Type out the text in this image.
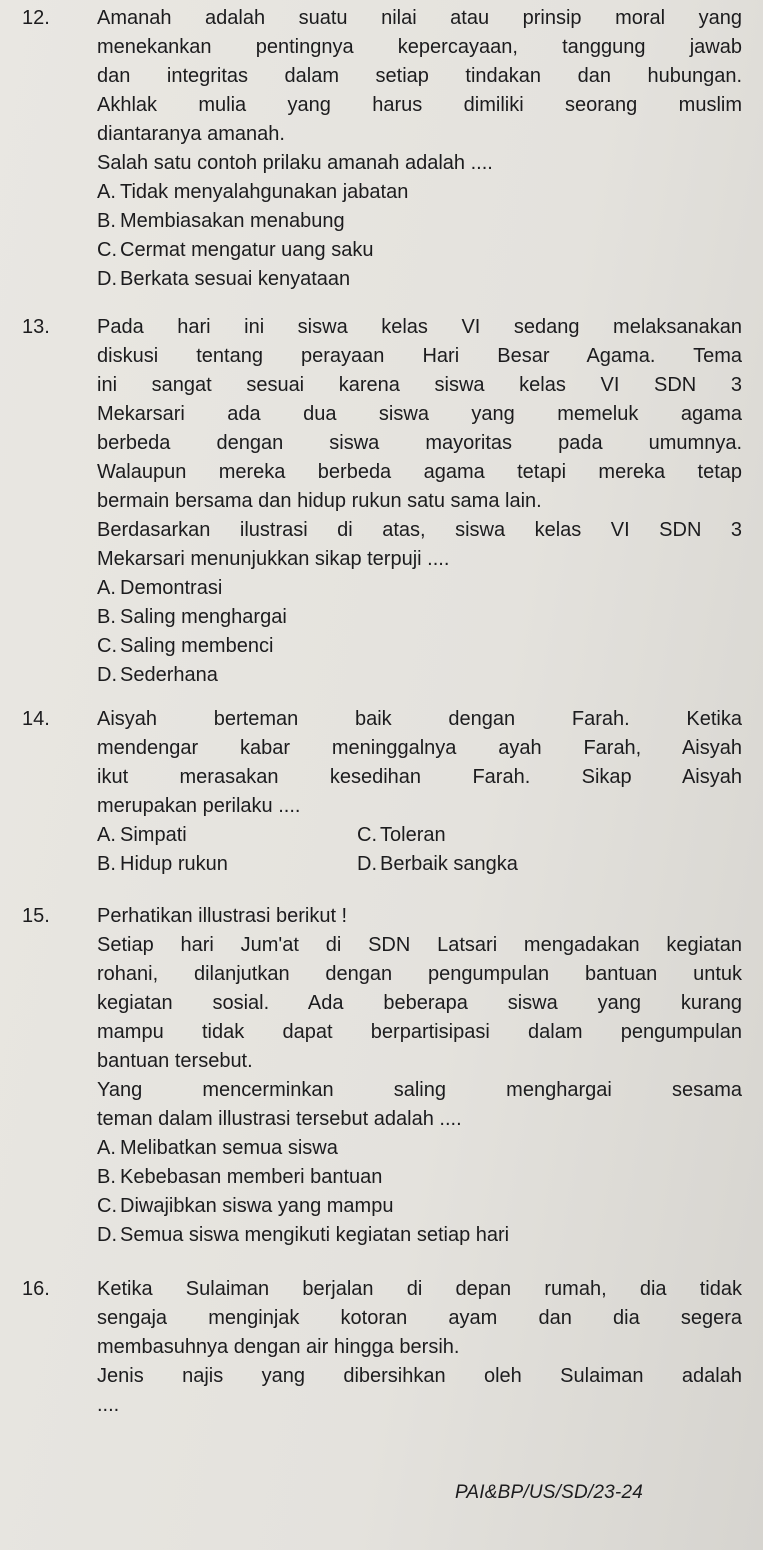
12.	Amanah adalah suatu nilai atau prinsip moral yang
menekankan pentingnya kepercayaan, tanggung jawab
dan integritas dalam setiap tindakan dan hubungan.
Akhlak mulia yang harus dimiliki seorang muslim
diantaranya amanah.
Salah satu contoh prilaku amanah adalah ....
A. Tidak menyalahgunakan jabatan
B. Membiasakan menabung
C. Cermat mengatur uang saku
D. Berkata sesuai kenyataan
13.	Pada hari ini siswa kelas VI sedang melaksanakan
diskusi tentang perayaan Hari Besar Agama. Tema
ini sangat sesuai karena siswa kelas VI SDN 3
Mekarsari ada dua siswa yang memeluk agama
berbeda dengan siswa mayoritas pada umumnya.
Walaupun mereka berbeda agama tetapi mereka tetap
bermain bersama dan hidup rukun satu sama lain.
Berdasarkan ilustrasi di atas, siswa kelas VI SDN 3
Mekarsari menunjukkan sikap terpuji ....
A. Demontrasi
B. Saling menghargai
C. Saling membenci
D. Sederhana
14.	Aisyah berteman baik dengan Farah. Ketika
mendengar kabar meninggalnya ayah Farah, Aisyah
ikut merasakan kesedihan Farah. Sikap Aisyah
merupakan perilaku ....
A. Simpati	C. Toleran
B. Hidup rukun	D. Berbaik sangka
15.	Perhatikan illustrasi berikut !
Setiap hari Jum'at di SDN Latsari mengadakan kegiatan
rohani, dilanjutkan dengan pengumpulan bantuan untuk
kegiatan sosial. Ada beberapa siswa yang kurang
mampu tidak dapat berpartisipasi dalam pengumpulan
bantuan tersebut.
Yang mencerminkan saling menghargai sesama
teman dalam illustrasi tersebut adalah ....
A. Melibatkan semua siswa
B. Kebebasan memberi bantuan
C. Diwajibkan siswa yang mampu
D. Semua siswa mengikuti kegiatan setiap hari
16.	Ketika Sulaiman berjalan di depan rumah, dia tidak
sengaja menginjak kotoran ayam dan dia segera
membasuhnya dengan air hingga bersih.
Jenis najis yang dibersihkan oleh Sulaiman adalah
....
PAI&BP/US/SD/23-24
